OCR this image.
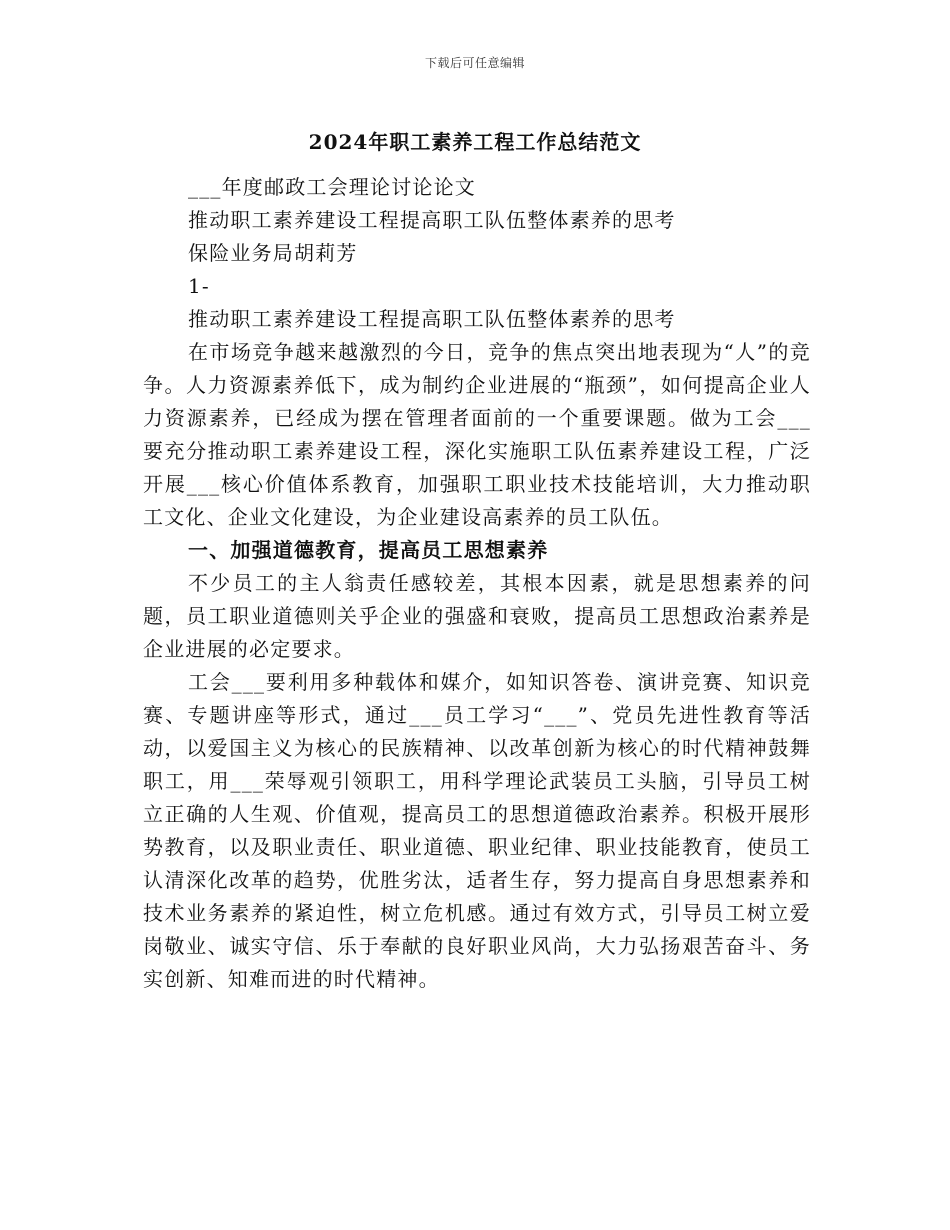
下载后可任意编辑
2024年职工素养工程工作总结范文

___年度邮政工会理论讨论论文

推动职工素养建设工程提高职工队伍整体素养的思考

保险业务局胡莉芳

1-

推动职工素养建设工程提高职工队伍整体素养的思考

在市场竞争越来越激烈的今日，竞争的焦点突出地表现为“人”的竞争。人力资源素养低下，成为制约企业进展的“瓶颈”，如何提高企业人力资源素养，已经成为摆在管理者面前的一个重要课题。做为工会___要充分推动职工素养建设工程，深化实施职工队伍素养建设工程，广泛开展___核心价值体系教育，加强职工职业技术技能培训，大力推动职工文化、企业文化建设，为企业建设高素养的员工队伍。

一、加强道德教育，提高员工思想素养

不少员工的主人翁责任感较差，其根本因素，就是思想素养的问题，员工职业道德则关乎企业的强盛和衰败，提高员工思想政治素养是企业进展的必定要求。

工会___要利用多种载体和媒介，如知识答卷、演讲竞赛、知识竞赛、专题讲座等形式，通过___员工学习“___”、党员先进性教育等活动，以爱国主义为核心的民族精神、以改革创新为核心的时代精神鼓舞职工，用___荣辱观引领职工，用科学理论武装员工头脑，引导员工树立正确的人生观、价值观，提高员工的思想道德政治素养。积极开展形势教育，以及职业责任、职业道德、职业纪律、职业技能教育，使员工认清深化改革的趋势，优胜劣汰，适者生存，努力提高自身思想素养和技术业务素养的紧迫性，树立危机感。通过有效方式，引导员工树立爱岗敬业、诚实守信、乐于奉献的良好职业风尚，大力弘扬艰苦奋斗、务实创新、知难而进的时代精神。
